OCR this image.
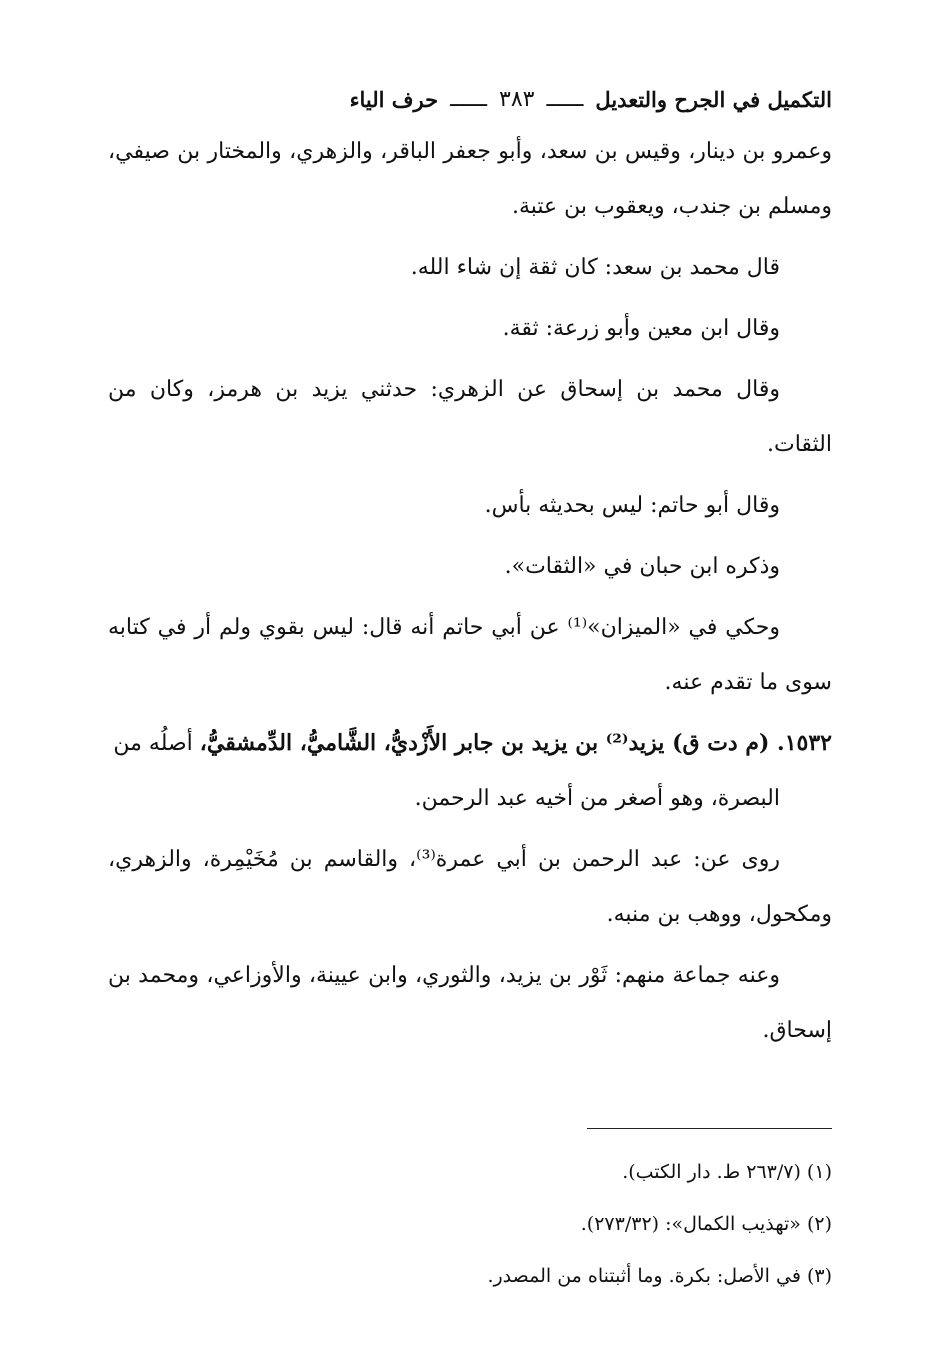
التكميل في الجرح والتعديل
ــــــ
٣٨٣
ــــــ
حرف الياء

وعمرو بن دينار، وقيس بن سعد، وأبو جعفر الباقر، والزهري، والمختار بن صيفي، ومسلم بن جندب، ويعقوب بن عتبة.

قال محمد بن سعد: كان ثقة إن شاء الله.

وقال ابن معين وأبو زرعة: ثقة.

وقال محمد بن إسحاق عن الزهري: حدثني يزيد بن هرمز، وكان من الثقات.

وقال أبو حاتم: ليس بحديثه بأس.

وذكره ابن حبان في «الثقات».

وحكي في «الميزان»⁽¹⁾ عن أبي حاتم أنه قال: ليس بقوي ولم أر في كتابه سوى ما تقدم عنه.

١٥٣٢. (م دت ق) يزيد⁽²⁾ بن يزيد بن جابر الأَزْديُّ، الشَّاميُّ، الدِّمشقيُّ، أصلُه من

البصرة، وهو أصغر من أخيه عبد الرحمن.

روى عن: عبد الرحمن بن أبي عمرة⁽³⁾، والقاسم بن مُخَيْمِرة، والزهري، ومكحول، ووهب بن منبه.

وعنه جماعة منهم: ثَوْر بن يزيد، والثوري، وابن عيينة، والأوزاعي، ومحمد بن إسحاق.

(١) (٢٦٣/٧ ط. دار الكتب).

(٢) «تهذيب الكمال»: (٢٧٣/٣٢).

(٣) في الأصل: بكرة. وما أثبتناه من المصدر.
